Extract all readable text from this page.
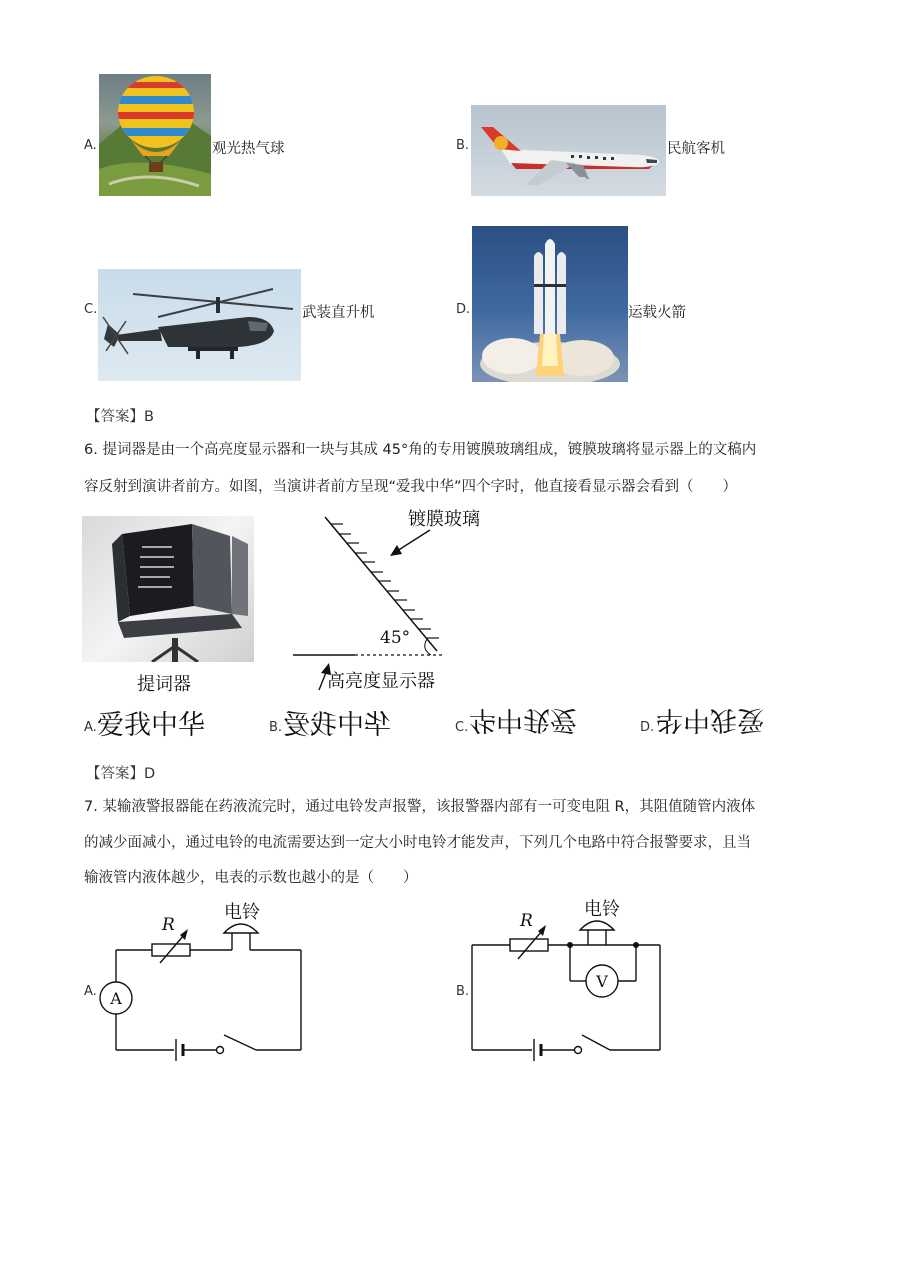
A.	观光热气球	B.	民航客机
C.	武装直升机	D.	运载火箭
【答案】B
6. 提词器是由一个高亮度显示器和一块与其成 45°角的专用镀膜玻璃组成，镀膜玻璃将显示器上的文稿内
容反射到演讲者前方。如图，当演讲者前方呈现“爱我中华”四个字时，他直接看显示器会看到（　　）
提词器
镀膜玻璃
45°
高亮度显示器
A. 爱我中华	B. 华中我爱	C. 华中我爱	D. 爱我中华
【答案】D
7. 某输液警报器能在药液流完时，通过电铃发声报警，该报警器内部有一可变电阻 R，其阻值随管内液体
的减少面减小，通过电铃的电流需要达到一定大小时电铃才能发声，下列几个电路中符合报警要求，且当
输液管内液体越少，电表的示数也越小的是（　　）
A. A
R
电铃
B.
V
R
电铃
